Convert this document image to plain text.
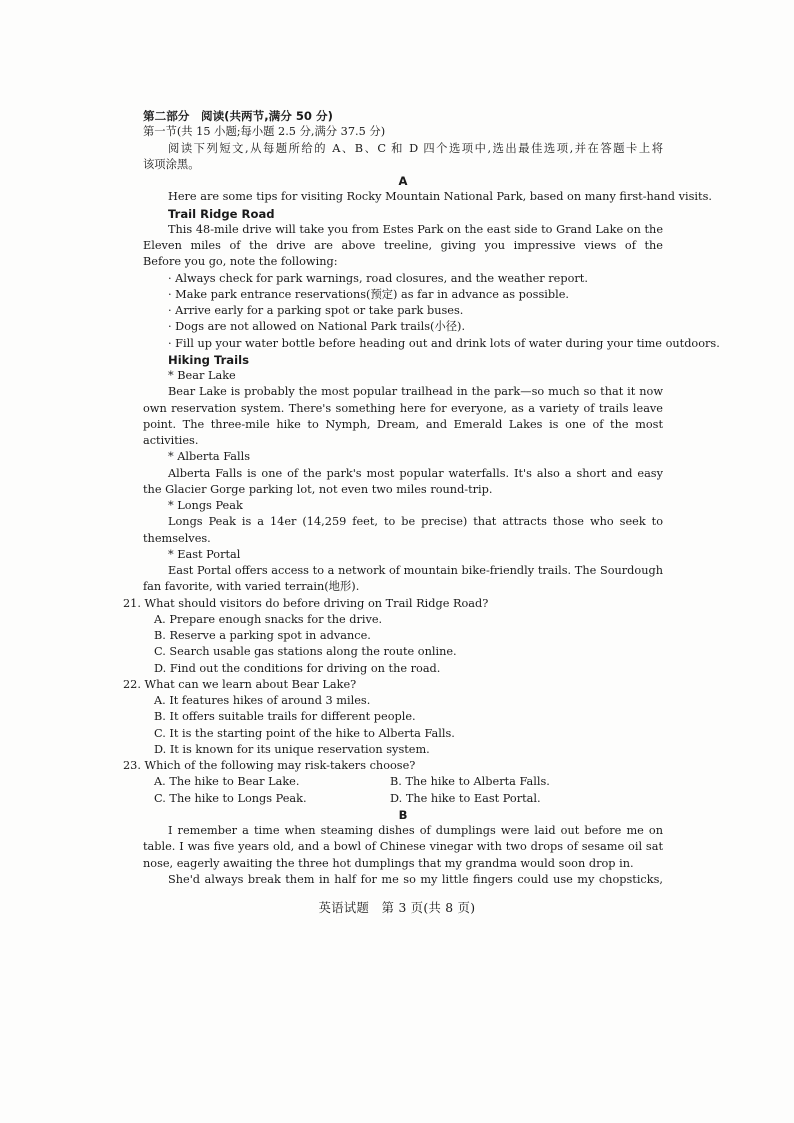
第二部分　阅读(共两节,满分 50 分)
第一节(共 15 小题;每小题 2.5 分,满分 37.5 分)
阅读下列短文,从每题所给的 A、B、C 和 D 四个选项中,选出最佳选项,并在答题卡上将
该项涂黑。
A
Here are some tips for visiting Rocky Mountain National Park, based on many first-hand visits.
Trail Ridge Road
This 48-mile drive will take you from Estes Park on the east side to Grand Lake on the
Eleven miles of the drive are above treeline, giving you impressive views of the
Before you go, note the following:
· Always check for park warnings, road closures, and the weather report.
· Make park entrance reservations(预定) as far in advance as possible.
· Arrive early for a parking spot or take park buses.
· Dogs are not allowed on National Park trails(小径).
· Fill up your water bottle before heading out and drink lots of water during your time outdoors.
Hiking Trails
* Bear Lake
Bear Lake is probably the most popular trailhead in the park—so much so that it now
own reservation system. There's something here for everyone, as a variety of trails leave
point. The three-mile hike to Nymph, Dream, and Emerald Lakes is one of the most
activities.
* Alberta Falls
Alberta Falls is one of the park's most popular waterfalls. It's also a short and easy
the Glacier Gorge parking lot, not even two miles round-trip.
* Longs Peak
Longs Peak is a 14er (14,259 feet, to be precise) that attracts those who seek to
themselves.
* East Portal
East Portal offers access to a network of mountain bike-friendly trails. The Sourdough
fan favorite, with varied terrain(地形).
21. What should visitors do before driving on Trail Ridge Road?
A. Prepare enough snacks for the drive.
B. Reserve a parking spot in advance.
C. Search usable gas stations along the route online.
D. Find out the conditions for driving on the road.
22. What can we learn about Bear Lake?
A. It features hikes of around 3 miles.
B. It offers suitable trails for different people.
C. It is the starting point of the hike to Alberta Falls.
D. It is known for its unique reservation system.
23. Which of the following may risk-takers choose?
A. The hike to Bear Lake.	B. The hike to Alberta Falls.
C. The hike to Longs Peak.	D. The hike to East Portal.
B
I remember a time when steaming dishes of dumplings were laid out before me on
table. I was five years old, and a bowl of Chinese vinegar with two drops of sesame oil sat
nose, eagerly awaiting the three hot dumplings that my grandma would soon drop in.
She'd always break them in half for me so my little fingers could use my chopsticks,
英语试题　第 3 页(共 8 页)
